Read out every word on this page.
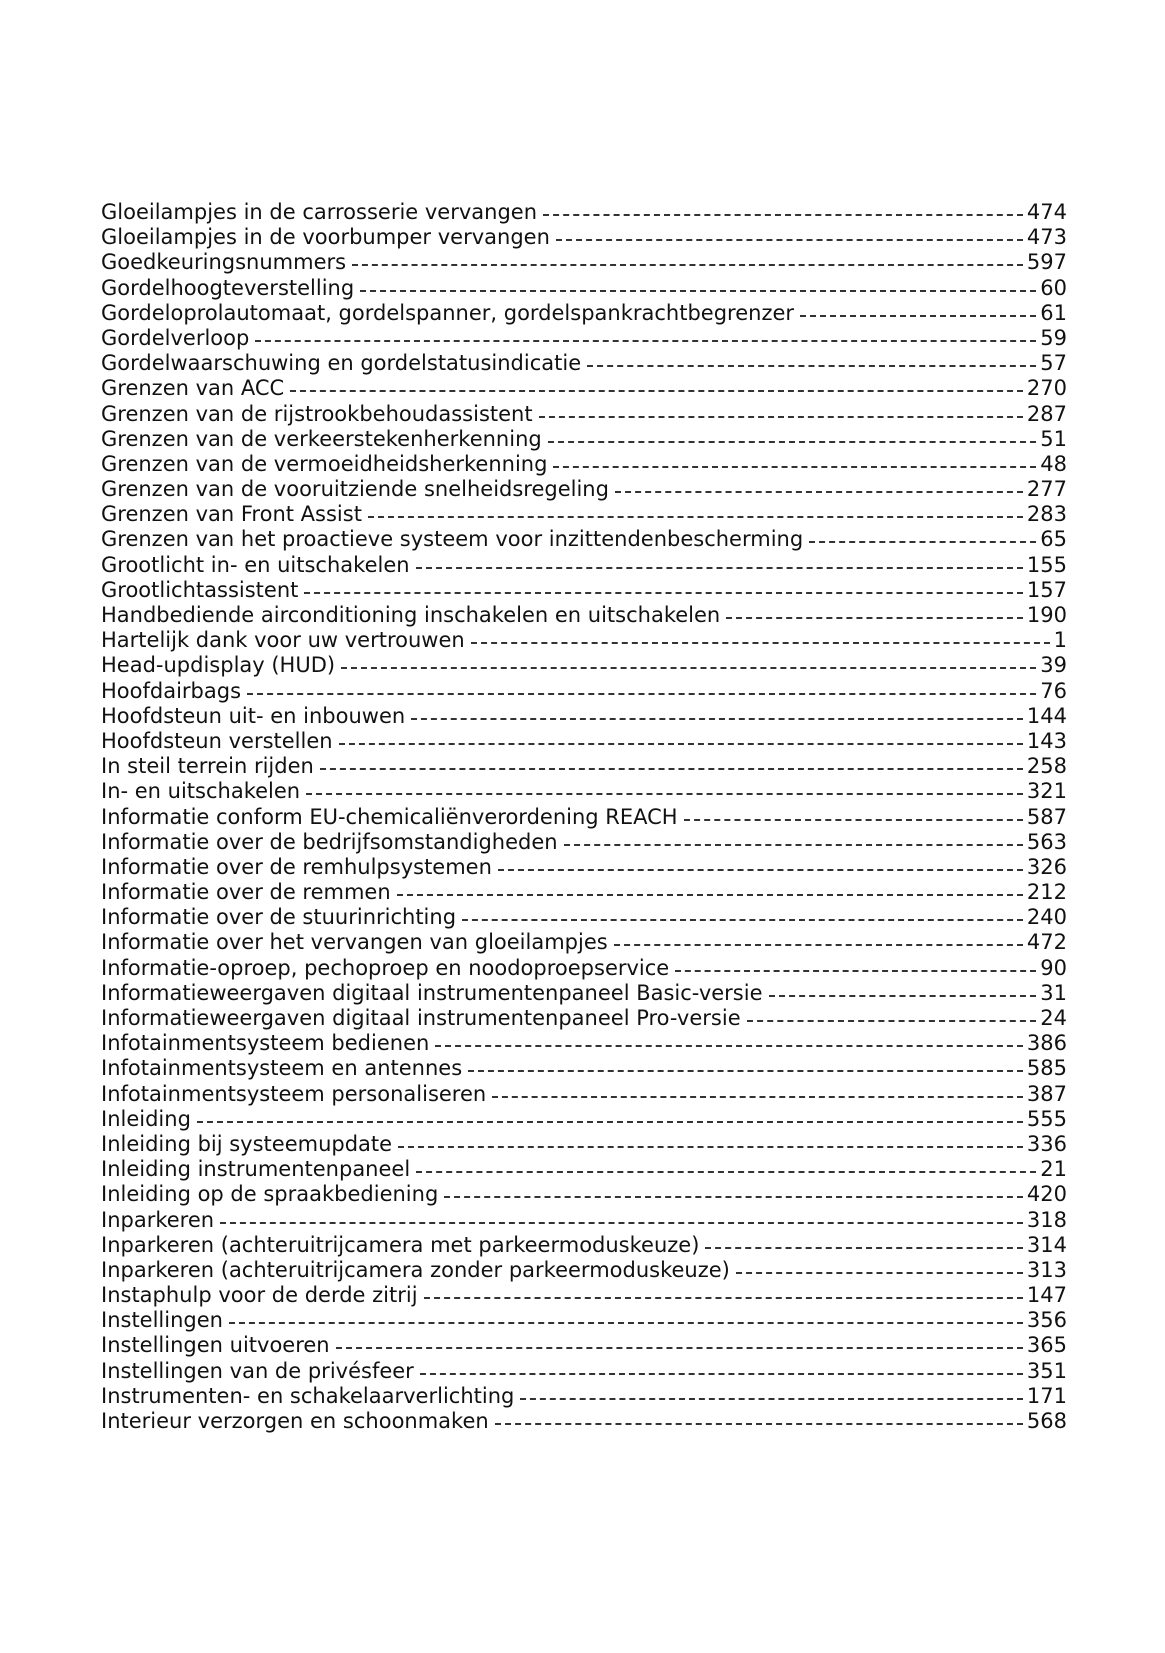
Gloeilampjes in de carrosserie vervangen	474
Gloeilampjes in de voorbumper vervangen	473
Goedkeuringsnummers	597
Gordelhoogteverstelling	60
Gordeloprolautomaat, gordelspanner, gordelspankrachtbegrenzer	61
Gordelverloop	59
Gordelwaarschuwing en gordelstatusindicatie	57
Grenzen van ACC	270
Grenzen van de rijstrookbehoudassistent	287
Grenzen van de verkeerstekenherkenning	51
Grenzen van de vermoeidheidsherkenning	48
Grenzen van de vooruitziende snelheidsregeling	277
Grenzen van Front Assist	283
Grenzen van het proactieve systeem voor inzittendenbescherming	65
Grootlicht in- en uitschakelen	155
Grootlichtassistent	157
Handbediende airconditioning inschakelen en uitschakelen	190
Hartelijk dank voor uw vertrouwen	1
Head-updisplay (HUD)	39
Hoofdairbags	76
Hoofdsteun uit- en inbouwen	144
Hoofdsteun verstellen	143
In steil terrein rijden	258
In- en uitschakelen	321
Informatie conform EU-chemicaliënverordening REACH	587
Informatie over de bedrijfsomstandigheden	563
Informatie over de remhulpsystemen	326
Informatie over de remmen	212
Informatie over de stuurinrichting	240
Informatie over het vervangen van gloeilampjes	472
Informatie-oproep, pechoproep en noodoproepservice	90
Informatieweergaven digitaal instrumentenpaneel Basic-versie	31
Informatieweergaven digitaal instrumentenpaneel Pro-versie	24
Infotainmentsysteem bedienen	386
Infotainmentsysteem en antennes	585
Infotainmentsysteem personaliseren	387
Inleiding	555
Inleiding bij systeemupdate	336
Inleiding instrumentenpaneel	21
Inleiding op de spraakbediening	420
Inparkeren	318
Inparkeren (achteruitrijcamera met parkeermoduskeuze)	314
Inparkeren (achteruitrijcamera zonder parkeermoduskeuze)	313
Instaphulp voor de derde zitrij	147
Instellingen	356
Instellingen uitvoeren	365
Instellingen van de privésfeer	351
Instrumenten- en schakelaarverlichting	171
Interieur verzorgen en schoonmaken	568
